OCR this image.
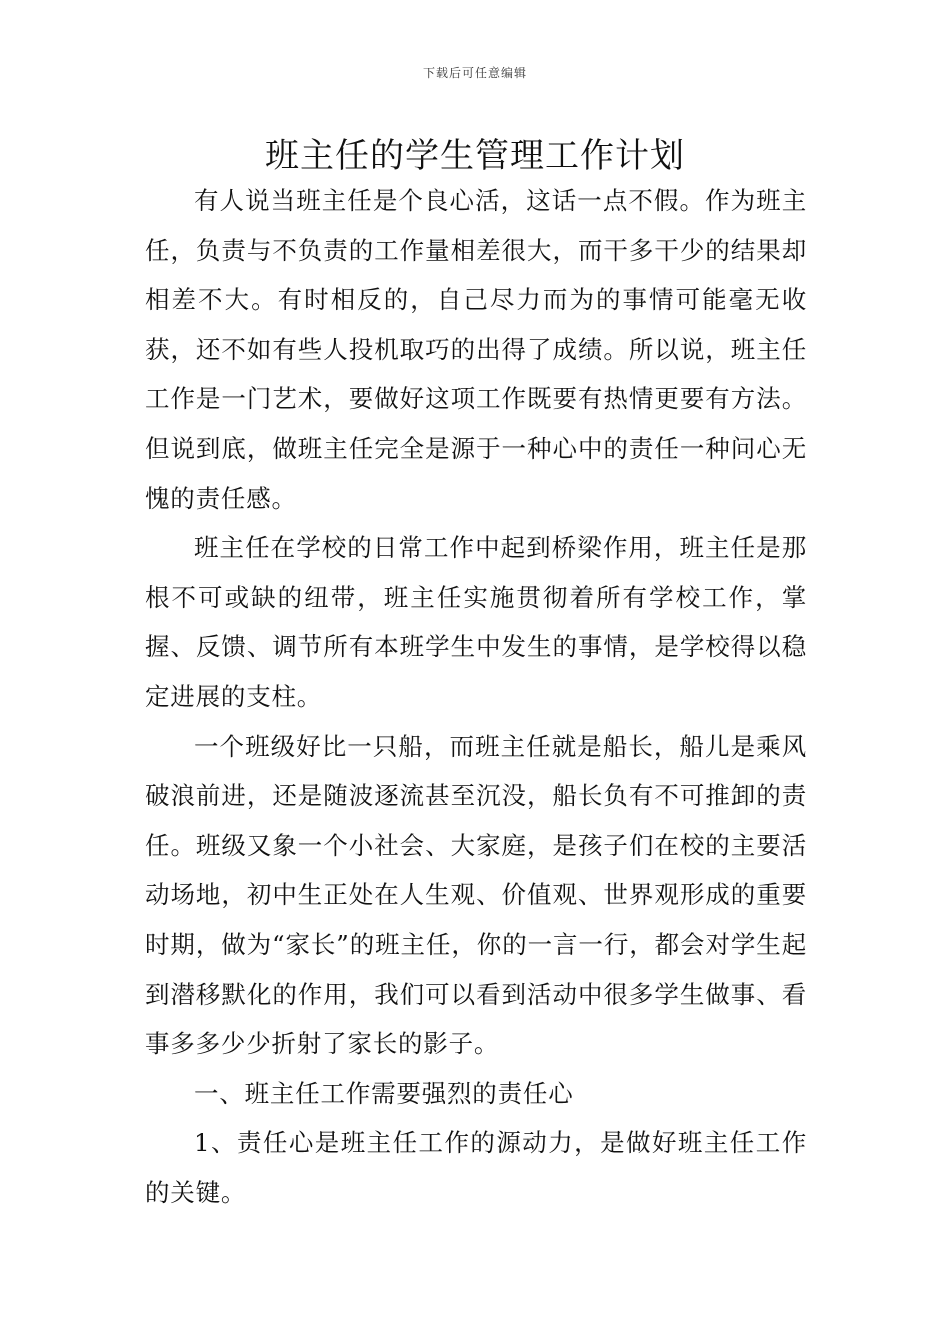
下载后可任意编辑
班主任的学生管理工作计划

有人说当班主任是个良心活，这话一点不假。作为班主任，负责与不负责的工作量相差很大，而干多干少的结果却相差不大。有时相反的，自己尽力而为的事情可能毫无收获，还不如有些人投机取巧的出得了成绩。所以说，班主任工作是一门艺术，要做好这项工作既要有热情更要有方法。但说到底，做班主任完全是源于一种心中的责任一种问心无愧的责任感。

班主任在学校的日常工作中起到桥梁作用，班主任是那根不可或缺的纽带，班主任实施贯彻着所有学校工作，掌握、反馈、调节所有本班学生中发生的事情，是学校得以稳定进展的支柱。

一个班级好比一只船，而班主任就是船长，船儿是乘风破浪前进，还是随波逐流甚至沉没，船长负有不可推卸的责任。班级又象一个小社会、大家庭，是孩子们在校的主要活动场地，初中生正处在人生观、价值观、世界观形成的重要时期，做为“家长”的班主任，你的一言一行，都会对学生起到潜移默化的作用，我们可以看到活动中很多学生做事、看事多多少少折射了家长的影子。

一、班主任工作需要强烈的责任心

1、责任心是班主任工作的源动力，是做好班主任工作的关键。
